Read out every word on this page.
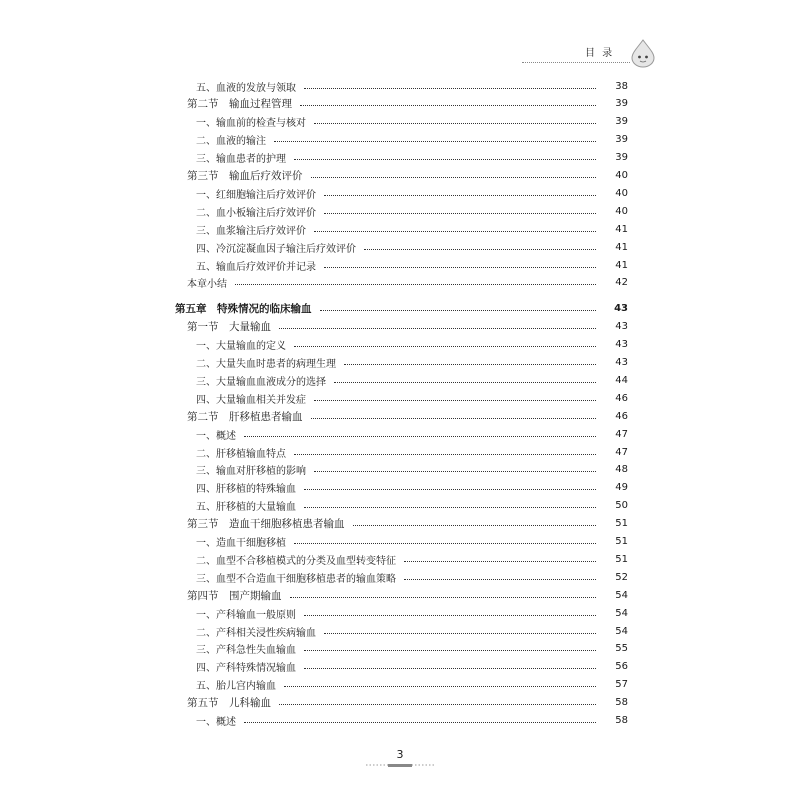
目 录
五、血液的发放与领取	38
第二节　输血过程管理	39
一、输血前的检查与核对	39
二、血液的输注	39
三、输血患者的护理	39
第三节　输血后疗效评价	40
一、红细胞输注后疗效评价	40
二、血小板输注后疗效评价	40
三、血浆输注后疗效评价	41
四、冷沉淀凝血因子输注后疗效评价	41
五、输血后疗效评价并记录	41
本章小结	42
第五章　特殊情况的临床输血	43
第一节　大量输血	43
一、大量输血的定义	43
二、大量失血时患者的病理生理	43
三、大量输血血液成分的选择	44
四、大量输血相关并发症	46
第二节　肝移植患者输血	46
一、概述	47
二、肝移植输血特点	47
三、输血对肝移植的影响	48
四、肝移植的特殊输血	49
五、肝移植的大量输血	50
第三节　造血干细胞移植患者输血	51
一、造血干细胞移植	51
二、血型不合移植模式的分类及血型转变特征	51
三、血型不合造血干细胞移植患者的输血策略	52
第四节　围产期输血	54
一、产科输血一般原则	54
二、产科相关浸性疾病输血	54
三、产科急性失血输血	55
四、产科特殊情况输血	56
五、胎儿宫内输血	57
第五节　儿科输血	58
一、概述	58
3
